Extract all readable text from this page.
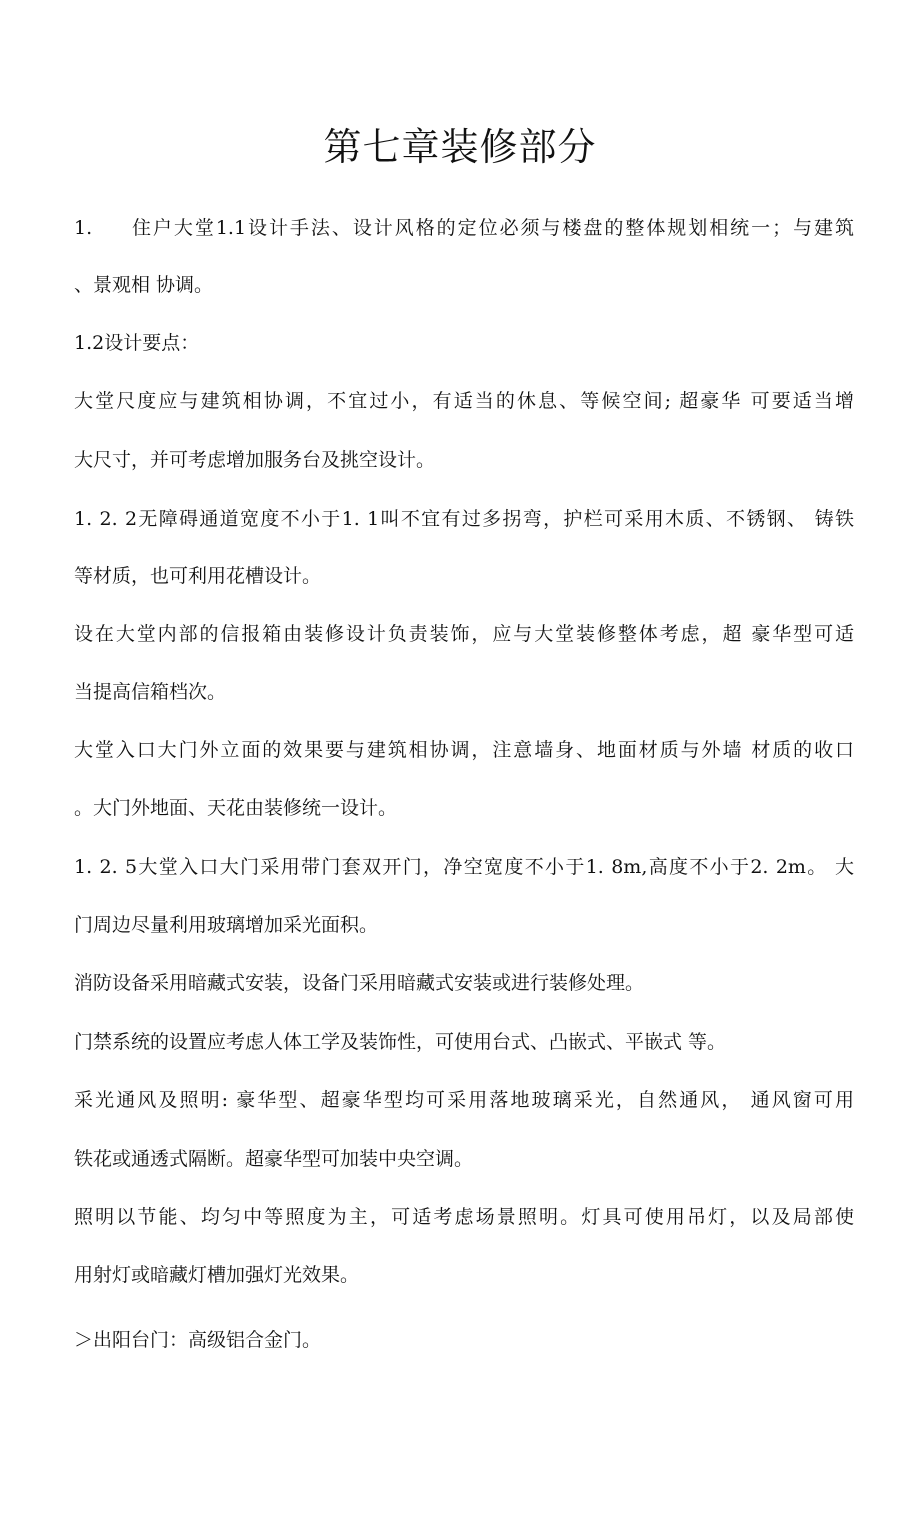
第七章装修部分
1. 住户大堂1.1设计手法、设计风格的定位必须与楼盘的整体规划相统一；与建筑
、景观相 协调。
1.2设计要点：
大堂尺度应与建筑相协调，不宜过小，有适当的休息、等候空间; 超豪华 可要适当增
大尺寸，并可考虑增加服务台及挑空设计。
1. 2. 2无障碍通道宽度不小于1. 1叫不宜有过多拐弯，护栏可采用木质、不锈钢、 铸铁
等材质，也可利用花槽设计。
设在大堂内部的信报箱由装修设计负责装饰，应与大堂装修整体考虑，超 豪华型可适
当提高信箱档次。
大堂入口大门外立面的效果要与建筑相协调，注意墙身、地面材质与外墙 材质的收口
。大门外地面、天花由装修统一设计。
1. 2. 5大堂入口大门采用带门套双开门，净空宽度不小于1. 8m,高度不小于2. 2m。 大
门周边尽量利用玻璃增加采光面积。
消防设备采用暗藏式安装，设备门采用暗藏式安装或进行装修处理。
门禁系统的设置应考虑人体工学及装饰性，可使用台式、凸嵌式、平嵌式 等。
采光通风及照明: 豪华型、超豪华型均可采用落地玻璃采光，自然通风， 通风窗可用
铁花或通透式隔断。超豪华型可加装中央空调。
照明以节能、均匀中等照度为主，可适考虑场景照明。灯具可使用吊灯，以及局部使
用射灯或暗藏灯槽加强灯光效果。
＞出阳台门：高级铝合金门。
